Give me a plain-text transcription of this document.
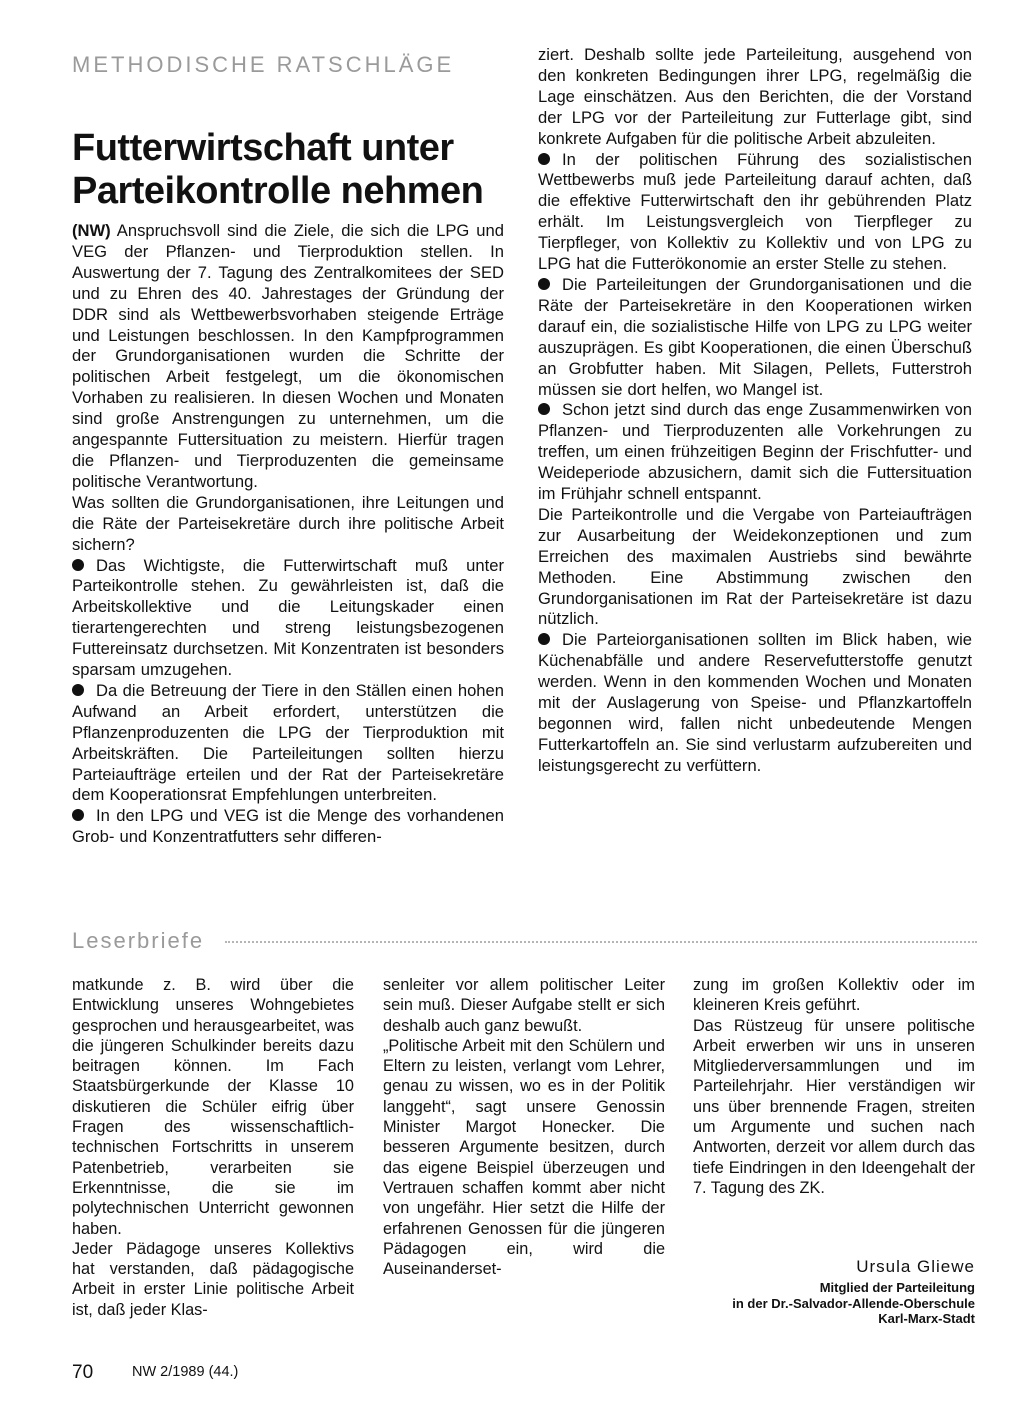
METHODISCHE RATSCHLÄGE
Futterwirtschaft unter
Parteikontrolle nehmen

(NW) Anspruchsvoll sind die Ziele, die sich die LPG und VEG der Pflanzen- und Tierproduktion stellen. In Auswertung der 7. Tagung des Zentralkomitees der SED und zu Ehren des 40. Jahrestages der Gründung der DDR sind als Wettbewerbsvorhaben steigende Erträge und Leistungen beschlossen. In den Kampfprogrammen der Grundorganisationen wurden die Schritte der politischen Arbeit festgelegt, um die ökonomischen Vorhaben zu realisieren. In diesen Wochen und Monaten sind große Anstrengungen zu unternehmen, um die angespannte Futtersituation zu meistern. Hierfür tragen die Pflanzen- und Tierproduzenten die gemeinsame politische Verantwortung.

Was sollten die Grundorganisationen, ihre Leitungen und die Räte der Parteisekretäre durch ihre politische Arbeit sichern?

Das Wichtigste, die Futterwirtschaft muß unter Parteikontrolle stehen. Zu gewährleisten ist, daß die Arbeitskollektive und die Leitungskader einen tierartengerechten und streng leistungsbezogenen Futtereinsatz durchsetzen. Mit Konzentraten ist besonders sparsam umzugehen.

Da die Betreuung der Tiere in den Ställen einen hohen Aufwand an Arbeit erfordert, unterstützen die Pflanzenproduzenten die LPG der Tierproduktion mit Arbeitskräften. Die Parteileitungen sollten hierzu Parteiaufträge erteilen und der Rat der Parteisekretäre dem Kooperationsrat Empfehlungen unterbreiten.

In den LPG und VEG ist die Menge des vorhandenen Grob- und Konzentratfutters sehr differen-

ziert. Deshalb sollte jede Parteileitung, ausgehend von den konkreten Bedingungen ihrer LPG, regelmäßig die Lage einschätzen. Aus den Berichten, die der Vorstand der LPG vor der Parteileitung zur Futterlage gibt, sind konkrete Aufgaben für die politische Arbeit abzuleiten.

In der politischen Führung des sozialistischen Wettbewerbs muß jede Parteileitung darauf achten, daß die effektive Futterwirtschaft den ihr gebührenden Platz erhält. Im Leistungsvergleich von Tierpfleger zu Tierpfleger, von Kollektiv zu Kollektiv und von LPG zu LPG hat die Futterökonomie an erster Stelle zu stehen.

Die Parteileitungen der Grundorganisationen und die Räte der Parteisekretäre in den Kooperationen wirken darauf ein, die sozialistische Hilfe von LPG zu LPG weiter auszuprägen. Es gibt Kooperationen, die einen Überschuß an Grobfutter haben. Mit Silagen, Pellets, Futterstroh müssen sie dort helfen, wo Mangel ist.

Schon jetzt sind durch das enge Zusammenwirken von Pflanzen- und Tierproduzenten alle Vorkehrungen zu treffen, um einen frühzeitigen Beginn der Frischfutter- und Weideperiode abzusichern, damit sich die Futtersituation im Frühjahr schnell entspannt.

Die Parteikontrolle und die Vergabe von Parteiaufträgen zur Ausarbeitung der Weidekonzeptionen und zum Erreichen des maximalen Austriebs sind bewährte Methoden. Eine Abstimmung zwischen den Grundorganisationen im Rat der Parteisekretäre ist dazu nützlich.

Die Parteiorganisationen sollten im Blick haben, wie Küchenabfälle und andere Reservefutterstoffe genutzt werden. Wenn in den kommenden Wochen und Monaten mit der Auslagerung von Speise- und Pflanzkartoffeln begonnen wird, fallen nicht unbedeutende Mengen Futterkartoffeln an. Sie sind verlustarm aufzubereiten und leistungsgerecht zu verfüttern.

Leserbriefe

matkunde z. B. wird über die Entwicklung unseres Wohngebietes gesprochen und herausgearbeitet, was die jüngeren Schulkinder bereits dazu beitragen können. Im Fach Staatsbürgerkunde der Klasse 10 diskutieren die Schüler eifrig über Fragen des wissenschaftlich-technischen Fortschritts in unserem Patenbetrieb, verarbeiten sie Erkenntnisse, die sie im polytechnischen Unterricht gewonnen haben.

Jeder Pädagoge unseres Kollektivs hat verstanden, daß pädagogische Arbeit in erster Linie politische Arbeit ist, daß jeder Klas-

senleiter vor allem politischer Leiter sein muß. Dieser Aufgabe stellt er sich deshalb auch ganz bewußt.

„Politische Arbeit mit den Schülern und Eltern zu leisten, verlangt vom Lehrer, genau zu wissen, wo es in der Politik langgeht“, sagt unsere Genossin Minister Margot Honecker. Die besseren Argumente besitzen, durch das eigene Beispiel überzeugen und Vertrauen schaffen kommt aber nicht von ungefähr. Hier setzt die Hilfe der erfahrenen Genossen für die jüngeren Pädagogen ein, wird die Auseinanderset-

zung im großen Kollektiv oder im kleineren Kreis geführt.

Das Rüstzeug für unsere politische Arbeit erwerben wir uns in unseren Mitgliederversammlungen und im Parteilehrjahr. Hier verständigen wir uns über brennende Fragen, streiten um Argumente und suchen nach Antworten, derzeit vor allem durch das tiefe Eindringen in den Ideengehalt der 7. Tagung des ZK.

Ursula Gliewe
Mitglied der Parteileitung
in der Dr.-Salvador-Allende-Oberschule
Karl-Marx-Stadt
70	NW 2/1989 (44.)
